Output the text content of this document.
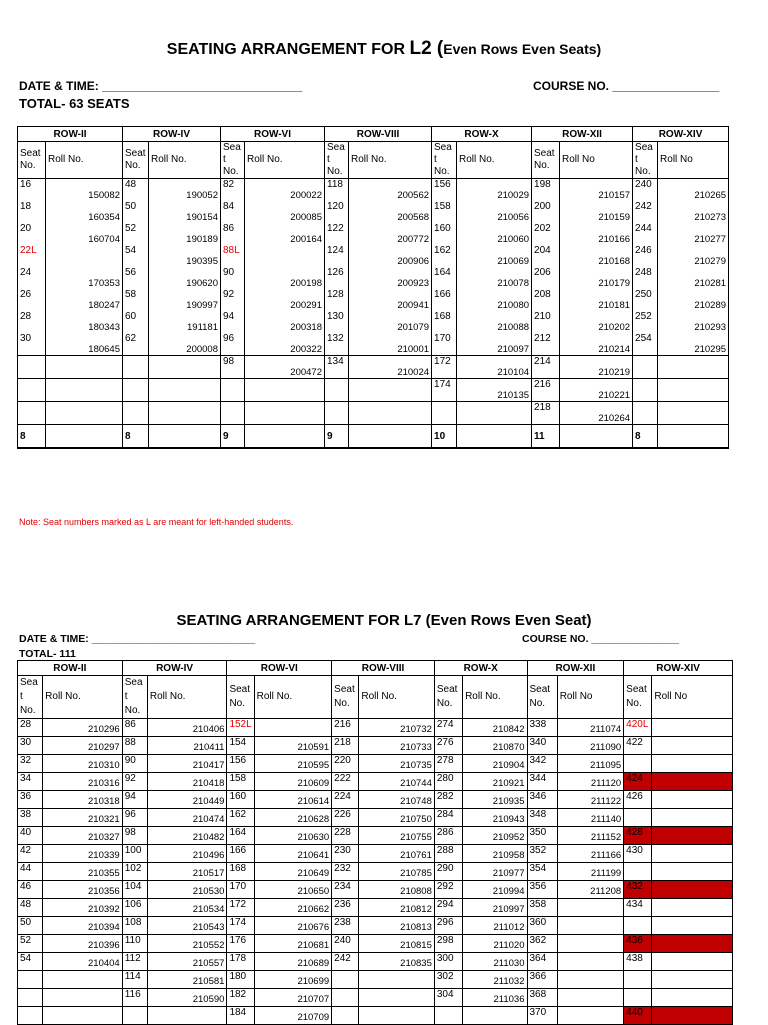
SEATING ARRANGEMENT FOR L2 (Even Rows Even Seats)
DATE & TIME: ______________________________	COURSE NO. ________________
TOTAL- 63 SEATS
ROW-II		ROW-IV		ROW-VI		ROW-VIII		ROW-X		ROW-XII		ROW-XIV	
Seat No.	Roll No.	Seat No.	Roll No.	Seat No.	Roll No.	Seat No.	Roll No.	Seat No.	Roll No.	Seat No.	Roll No	Seat No.	Roll No
16	150082	48	190052	82	200022	118	200562	156	210029	198	210157	240	210265
18	160354	50	190154	84	200085	120	200568	158	210056	200	210159	242	210273
20	160704	52	190189	86	200164	122	200772	160	210060	202	210166	244	210277
22L		54	190395	88L		124	200906	162	210069	204	210168	246	210279
24	170353	56	190620	90	200198	126	200923	164	210078	206	210179	248	210281
26	180247	58	190997	92	200291	128	200941	166	210080	208	210181	250	210289
28	180343	60	191181	94	200318	130	201079	168	210088	210	210202	252	210293
30	180645	62	200008	96	200322	132	210001	170	210097	212	210214	254	210295
				98	200472	134	210024	172	210104	214	210219		
								174	210135	216	210221		
										218	210264		
8		8		9		9		10		11		8	
Note: Seat numbers marked as L are meant for left-handed students.
SEATING ARRANGEMENT FOR L7 (Even Rows Even Seat)
DATE & TIME: ____________________________	COURSE NO. _______________
TOTAL- 111
ROW-II		ROW-IV		ROW-VI		ROW-VIII		ROW-X		ROW-XII		ROW-XIV	
Seat No.	Roll No.	Seat No.	Roll No.	Seat No.	Roll No.	Seat No.	Roll No.	Seat No.	Roll No.	Seat No.	Roll No	Seat No.	Roll No
28	210296	86	210406	152L		216	210732	274	210842	338	211074	420L	
30	210297	88	210411	154	210591	218	210733	276	210870	340	211090	422	
32	210310	90	210417	156	210595	220	210735	278	210904	342	211095		
34	210316	92	210418	158	210609	222	210744	280	210921	344	211120	424	
36	210318	94	210449	160	210614	224	210748	282	210935	346	211122	426	
38	210321	96	210474	162	210628	226	210750	284	210943	348	211140		
40	210327	98	210482	164	210630	228	210755	286	210952	350	211152	428	
42	210339	100	210496	166	210641	230	210761	288	210958	352	211166	430	
44	210355	102	210517	168	210649	232	210785	290	210977	354	211199		
46	210356	104	210530	170	210650	234	210808	292	210994	356	211208	432	
48	210392	106	210534	172	210662	236	210812	294	210997	358		434	
50	210394	108	210543	174	210676	238	210813	296	211012	360			
52	210396	110	210552	176	210681	240	210815	298	211020	362		436	
54	210404	112	210557	178	210689	242	210835	300	211030	364		438	
		114	210581	180	210699			302	211032	366			
		116	210590	182	210707			304	211036	368			
				184	210709					370		440	
